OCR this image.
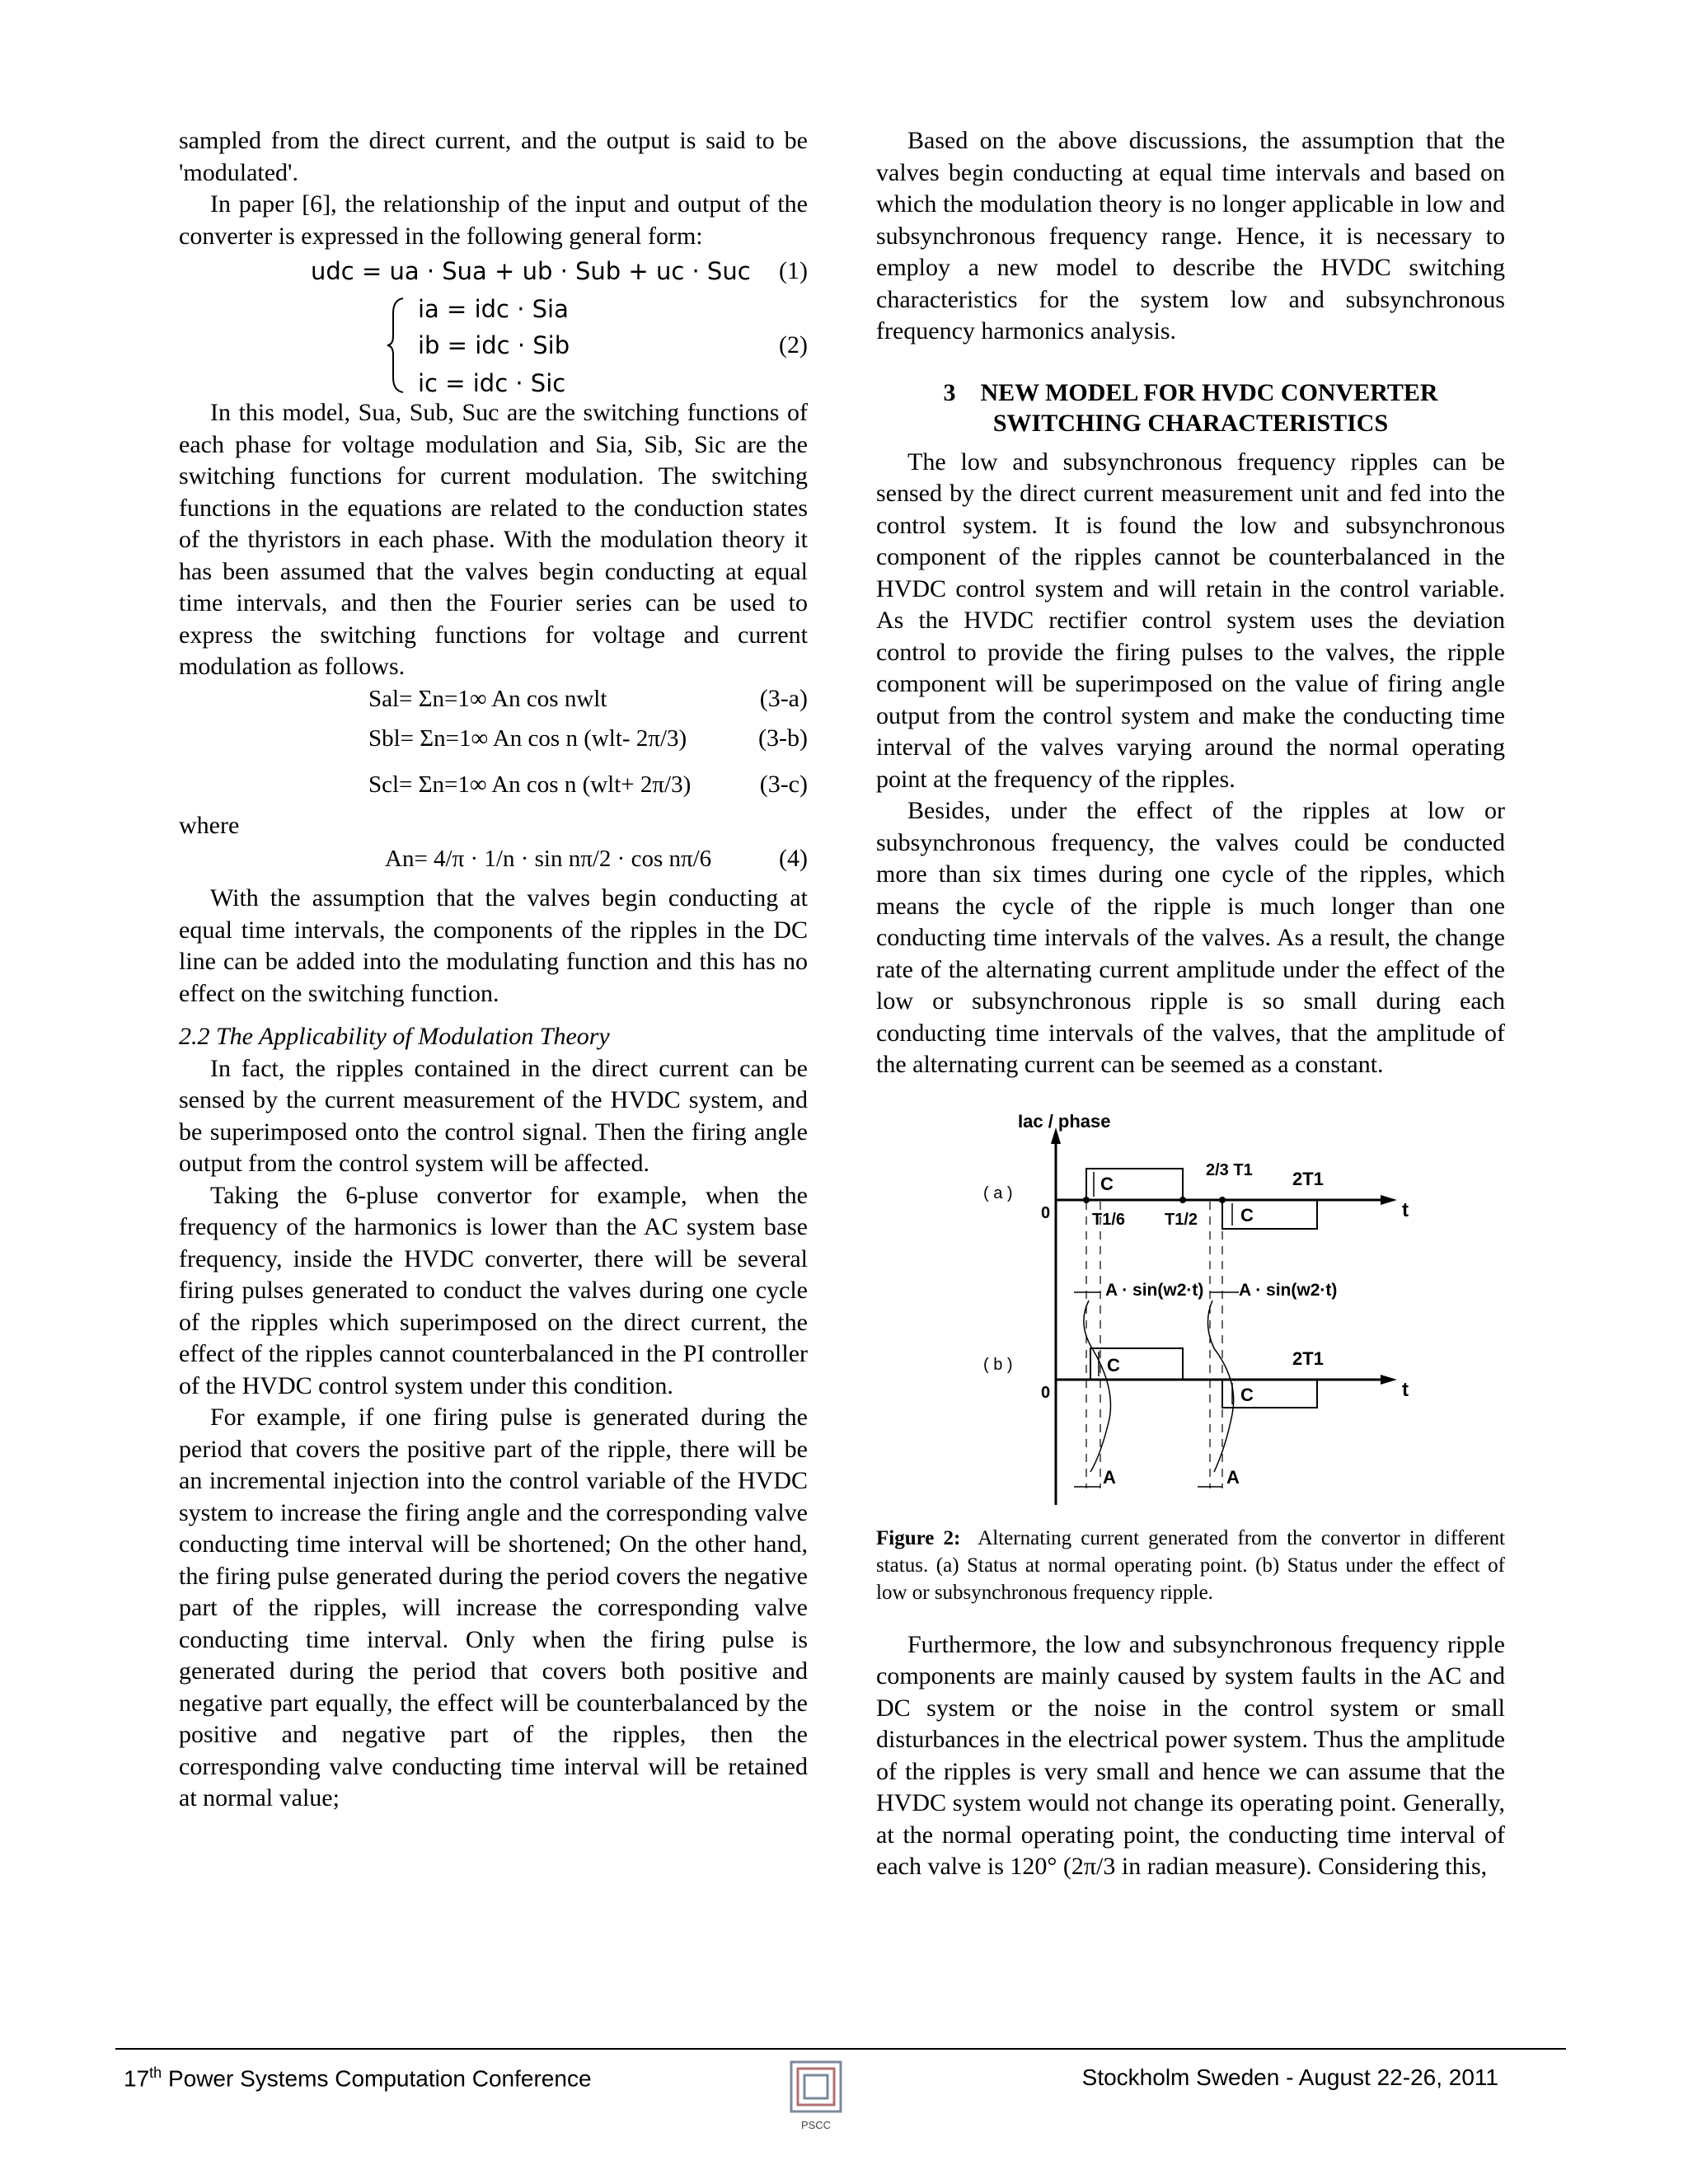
sampled from the direct current, and the output is said to be 'modulated'.

In paper [6], the relationship of the input and output of the converter is expressed in the following general form:

udc = ua · Sua + ub · Sub + uc · Suc (1)
ia = idc · Sia
ib = idc · Sib
ic = idc · Sic
(2)

In this model, Sua, Sub, Suc are the switching functions of each phase for voltage modulation and Sia, Sib, Sic are the switching functions for current modulation. The switching functions in the equations are related to the conduction states of the thyristors in each phase. With the modulation theory it has been assumed that the valves begin conducting at equal time intervals, and then the Fourier series can be used to express the switching functions for voltage and current modulation as follows.

Sal= Σn=1∞ An cos nwlt	(3-a)
Sbl= Σn=1∞ An cos n (wlt- 2π/3)	(3-b)
Scl= Σn=1∞ An cos n (wlt+ 2π/3)	(3-c)

where

An= 4/π · 1/n · sin nπ/2 · cos nπ/6	(4)

With the assumption that the valves begin conducting at equal time intervals, the components of the ripples in the DC line can be added into the modulating function and this has no effect on the switching function.

2.2 The Applicability of Modulation Theory

In fact, the ripples contained in the direct current can be sensed by the current measurement of the HVDC system, and be superimposed onto the control signal. Then the firing angle output from the control system will be affected.

Taking the 6-pluse convertor for example, when the frequency of the harmonics is lower than the AC system base frequency, inside the HVDC converter, there will be several firing pulses generated to conduct the valves during one cycle of the ripples which superimposed on the direct current, the effect of the ripples cannot counterbalanced in the PI controller of the HVDC control system under this condition.

For example, if one firing pulse is generated during the period that covers the positive part of the ripple, there will be an incremental injection into the control variable of the HVDC system to increase the firing angle and the corresponding valve conducting time interval will be shortened; On the other hand, the firing pulse generated during the period covers the negative part of the ripples, will increase the corresponding valve conducting time interval. Only when the firing pulse is generated during the period that covers both positive and negative part equally, the effect will be counterbalanced by the positive and negative part of the ripples, then the corresponding valve conducting time interval will be retained at normal value;

Based on the above discussions, the assumption that the valves begin conducting at equal time intervals and based on which the modulation theory is no longer applicable in low and subsynchronous frequency range. Hence, it is necessary to employ a new model to describe the HVDC switching characteristics for the system low and subsynchronous frequency harmonics analysis.

3 NEW MODEL FOR HVDC CONVERTER
SWITCHING CHARACTERISTICS

The low and subsynchronous frequency ripples can be sensed by the direct current measurement unit and fed into the control system. It is found the low and subsynchronous component of the ripples cannot be counterbalanced in the HVDC control system and will retain in the control variable. As the HVDC rectifier control system uses the deviation control to provide the firing pulses to the valves, the ripple component will be superimposed on the value of firing angle output from the control system and make the conducting time interval of the valves varying around the normal operating point at the frequency of the ripples.

Besides, under the effect of the ripples at low or subsynchronous frequency, the valves could be conducted more than six times during one cycle of the ripples, which means the cycle of the ripple is much longer than one conducting time intervals of the valves. As a result, the change rate of the alternating current amplitude under the effect of the low or subsynchronous ripple is so small during each conducting time intervals of the valves, that the amplitude of the alternating current can be seemed as a constant.

Iac / phase
( a )
0	t
C
C
T1/6 T1/2
2/3 T1 2T1
A · sin(w2·t) A · sin(w2·t)
( b )
0	t
C
C
2T1
A	A

Figure 2: Alternating current generated from the convertor in different status. (a) Status at normal operating point. (b) Status under the effect of low or subsynchronous frequency ripple.

Furthermore, the low and subsynchronous frequency ripple components are mainly caused by system faults in the AC and DC system or the noise in the control system or small disturbances in the electrical power system. Thus the amplitude of the ripples is very small and hence we can assume that the HVDC system would not change its operating point. Generally, at the normal operating point, the conducting time interval of each valve is 120° (2π/3 in radian measure). Considering this,

17th Power Systems Computation Conference
PSCC
Stockholm Sweden - August 22-26, 2011
